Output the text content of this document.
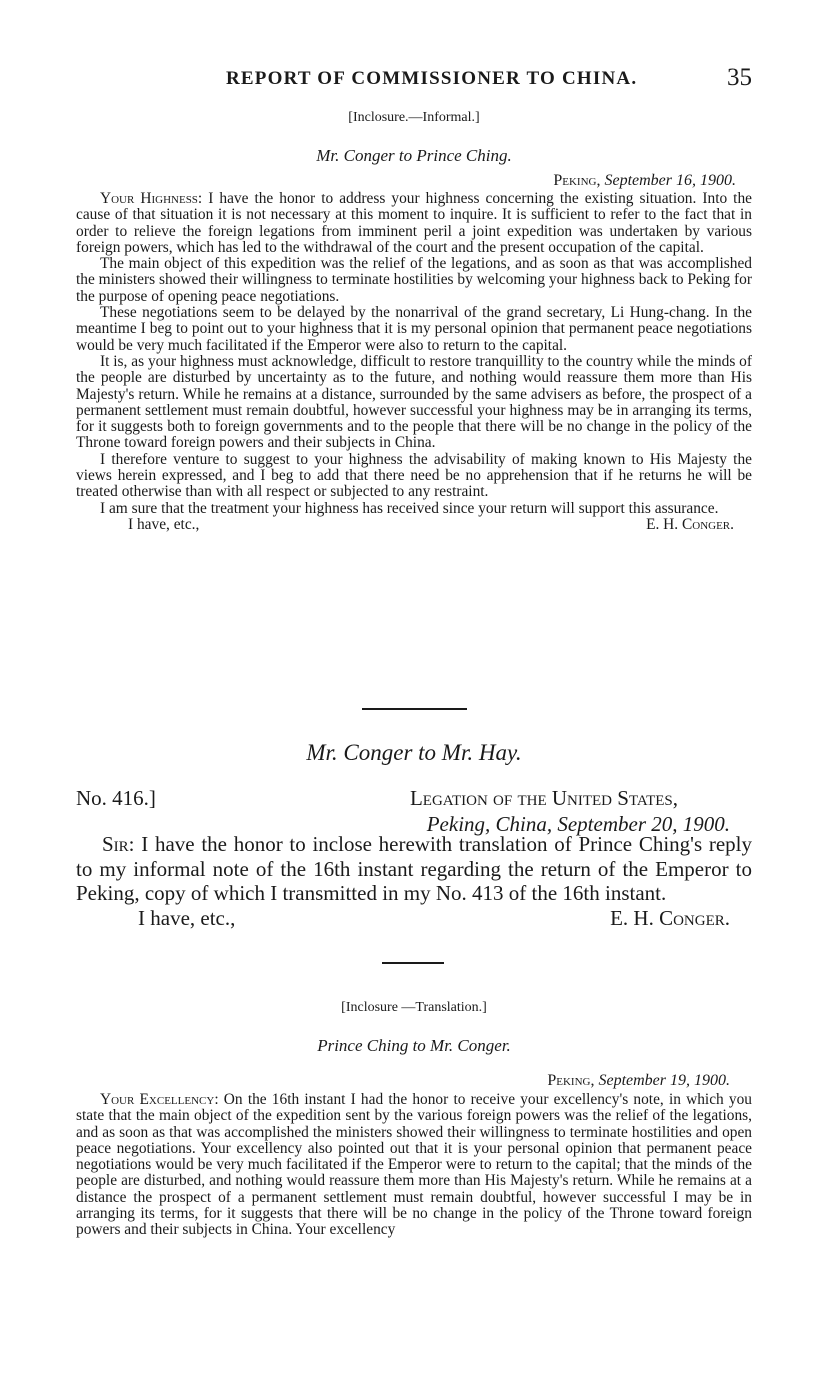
REPORT OF COMMISSIONER TO CHINA.	35
[Inclosure.—Informal.]
Mr. Conger to Prince Ching.
Peking, September 16, 1900.

Your Highness: I have the honor to address your highness concerning the existing situation. Into the cause of that situation it is not necessary at this moment to inquire. It is sufficient to refer to the fact that in order to relieve the foreign legations from imminent peril a joint expedition was undertaken by various foreign powers, which has led to the withdrawal of the court and the present occupation of the capital.

The main object of this expedition was the relief of the legations, and as soon as that was accomplished the ministers showed their willingness to terminate hostilities by welcoming your highness back to Peking for the purpose of opening peace negotiations.

These negotiations seem to be delayed by the nonarrival of the grand secretary, Li Hung-chang. In the meantime I beg to point out to your highness that it is my personal opinion that permanent peace negotiations would be very much facilitated if the Emperor were also to return to the capital.

It is, as your highness must acknowledge, difficult to restore tranquillity to the country while the minds of the people are disturbed by uncertainty as to the future, and nothing would reassure them more than His Majesty's return. While he remains at a distance, surrounded by the same advisers as before, the prospect of a permanent settlement must remain doubtful, however successful your highness may be in arranging its terms, for it suggests both to foreign governments and to the people that there will be no change in the policy of the Throne toward foreign powers and their subjects in China.

I therefore venture to suggest to your highness the advisability of making known to His Majesty the views herein expressed, and I beg to add that there need be no apprehension that if he returns he will be treated otherwise than with all respect or subjected to any restraint.

I am sure that the treatment your highness has received since your return will support this assurance.

I have, etc.,	E. H. Conger.
Mr. Conger to Mr. Hay.
No. 416.]	Legation of the United States,
Peking, China, September 20, 1900.

Sir: I have the honor to inclose herewith translation of Prince Ching's reply to my informal note of the 16th instant regarding the return of the Emperor to Peking, copy of which I transmitted in my No. 413 of the 16th instant.

I have, etc.,	E. H. Conger.
[Inclosure —Translation.]
Prince Ching to Mr. Conger.
Peking, September 19, 1900.

Your Excellency: On the 16th instant I had the honor to receive your excellency's note, in which you state that the main object of the expedition sent by the various foreign powers was the relief of the legations, and as soon as that was accomplished the ministers showed their willingness to terminate hostilities and open peace negotiations. Your excellency also pointed out that it is your personal opinion that permanent peace negotiations would be very much facilitated if the Emperor were to return to the capital; that the minds of the people are disturbed, and nothing would reassure them more than His Majesty's return. While he remains at a distance the prospect of a permanent settlement must remain doubtful, however successful I may be in arranging its terms, for it suggests that there will be no change in the policy of the Throne toward foreign powers and their subjects in China. Your excellency
